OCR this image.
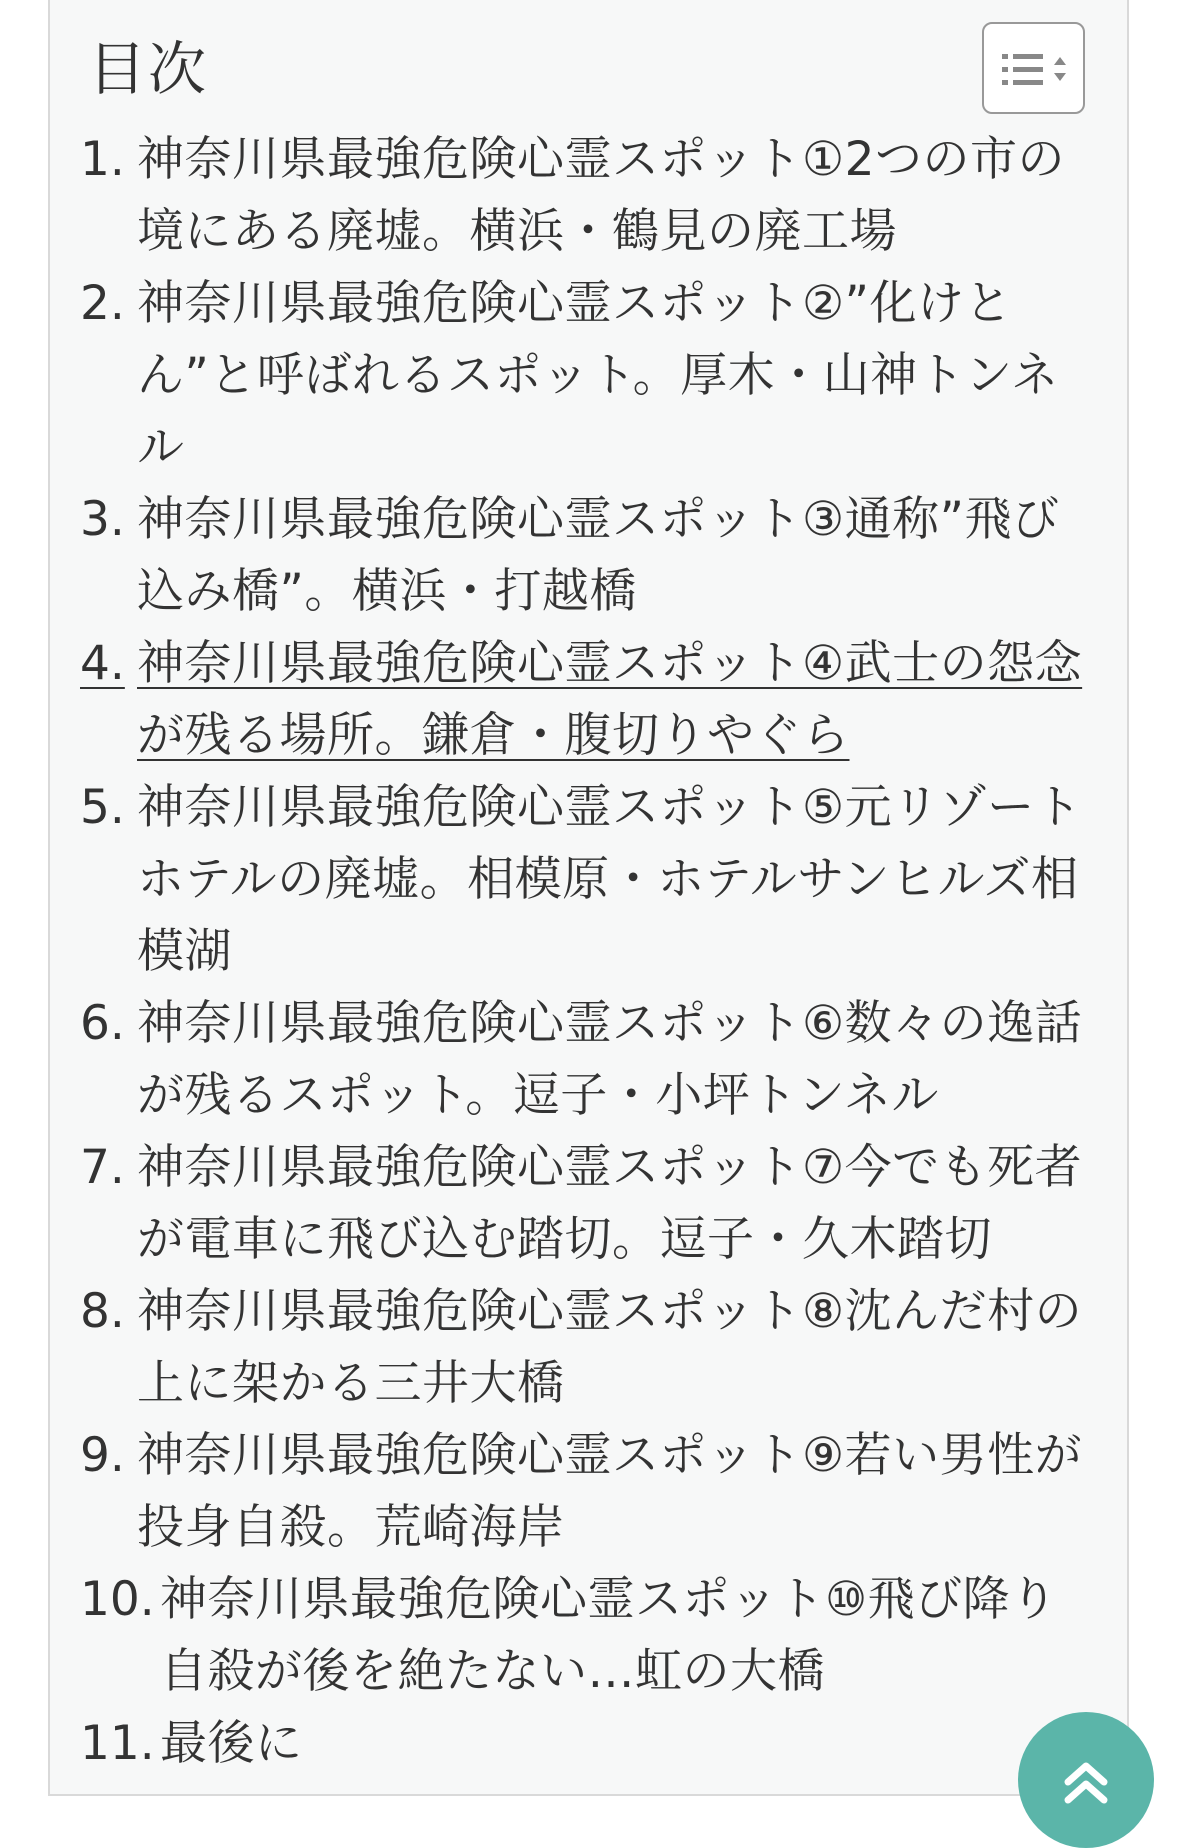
目次
1. 神奈川県最強危険心霊スポット①2つの市の境にある廃墟。横浜・鶴見の廃工場
2. 神奈川県最強危険心霊スポット②”化けとん”と呼ばれるスポット。厚木・山神トンネル
3. 神奈川県最強危険心霊スポット③通称”飛び込み橋”。横浜・打越橋
4. 神奈川県最強危険心霊スポット④武士の怨念が残る場所。鎌倉・腹切りやぐら
5. 神奈川県最強危険心霊スポット⑤元リゾートホテルの廃墟。相模原・ホテルサンヒルズ相模湖
6. 神奈川県最強危険心霊スポット⑥数々の逸話が残るスポット。逗子・小坪トンネル
7. 神奈川県最強危険心霊スポット⑦今でも死者が電車に飛び込む踏切。逗子・久木踏切
8. 神奈川県最強危険心霊スポット⑧沈んだ村の上に架かる三井大橋
9. 神奈川県最強危険心霊スポット⑨若い男性が投身自殺。荒崎海岸
10. 神奈川県最強危険心霊スポット⑩飛び降り自殺が後を絶たない…虹の大橋
11. 最後に
